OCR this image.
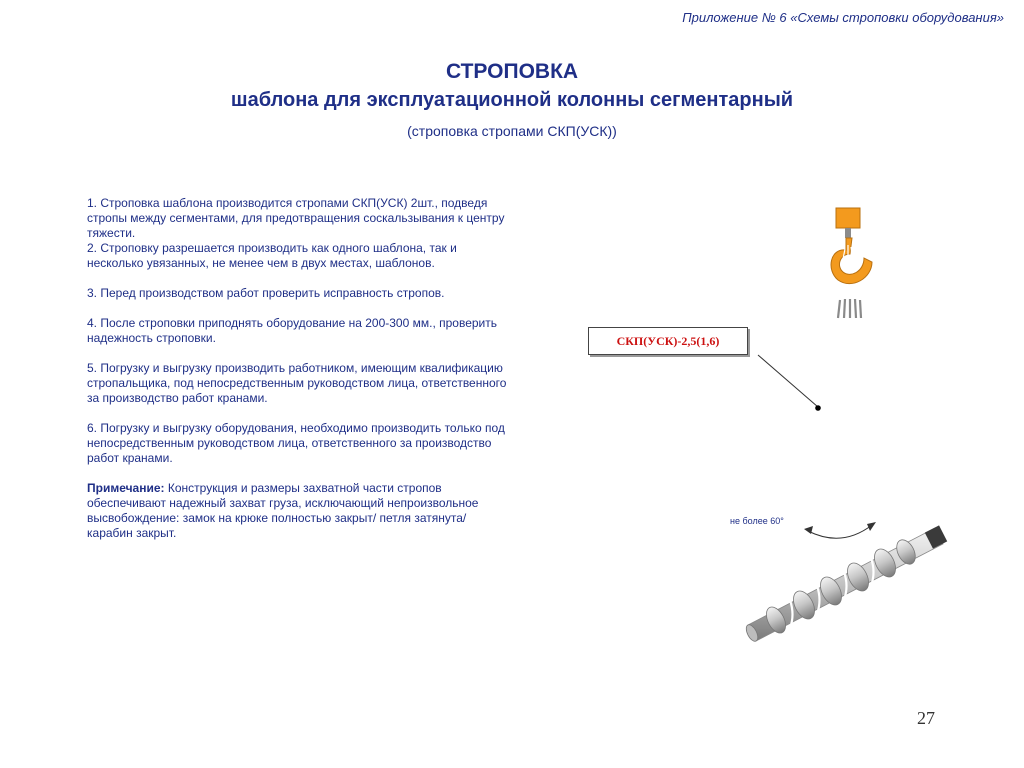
Приложение № 6 «Схемы строповки оборудования»
СТРОПОВКА
шаблона для эксплуатационной колонны сегментарный
(строповка стропами СКП(УСК))

1. Строповка шаблона производится стропами СКП(УСК) 2шт., подведя стропы между сегментами, для предотвращения соскальзывания к центру тяжести.

2. Строповку разрешается производить как одного шаблона, так и несколько увязанных, не менее чем в двух местах, шаблонов.

3. Перед производством работ проверить исправность стропов.

4. После строповки приподнять оборудование на 200-300 мм., проверить надежность строповки.

5. Погрузку и выгрузку производить работником, имеющим квалификацию стропальщика, под непосредственным руководством лица, ответственного за производство работ кранами.

6. Погрузку и выгрузку оборудования, необходимо производить только под непосредственным руководством лица, ответственного за производство работ кранами.

Примечание: Конструкция и размеры захватной части стропов обеспечивают надежный захват груза, исключающий непроизвольное высвобождение: замок на крюке полностью закрыт/ петля затянута/ карабин закрыт.

СКП(УСК)-2,5(1,6)
не более 60°
27
